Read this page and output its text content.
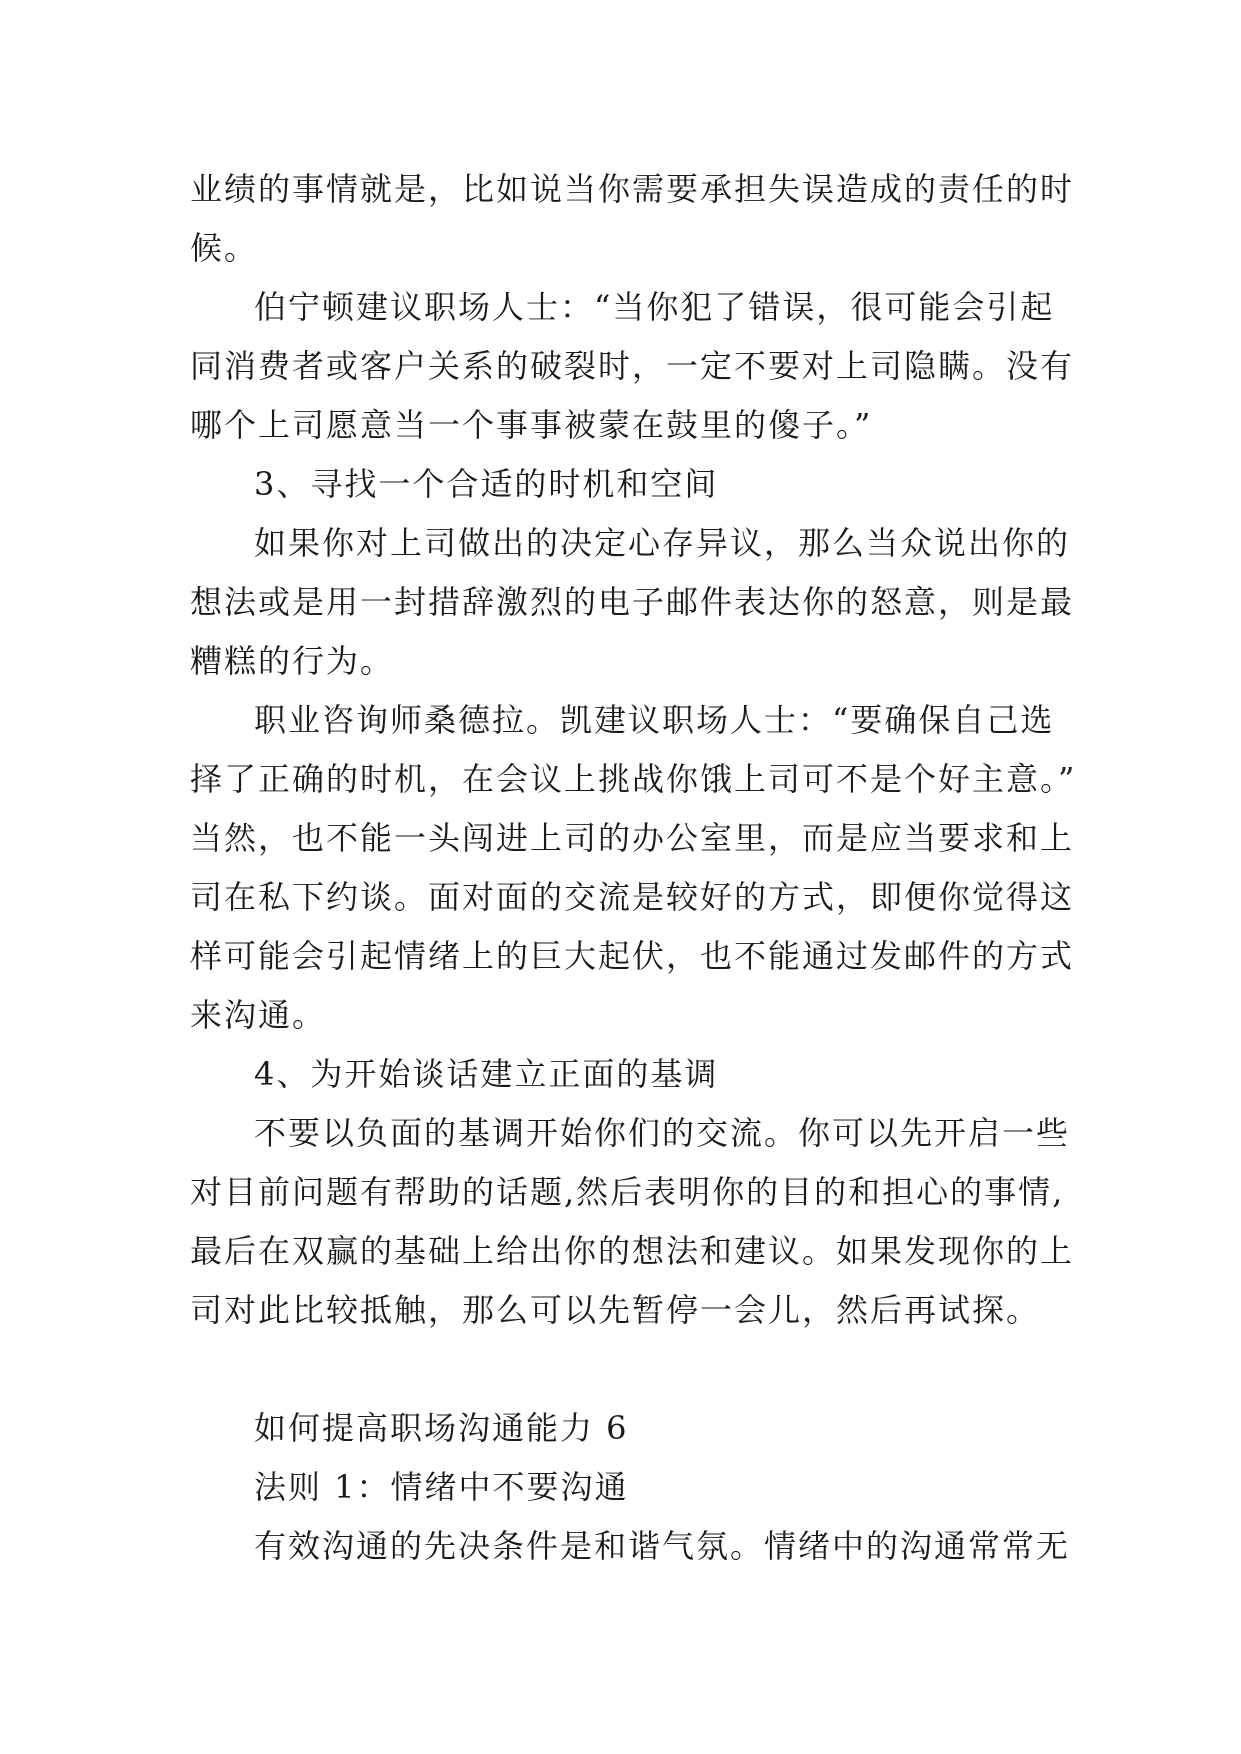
业绩的事情就是，比如说当你需要承担失误造成的责任的时
候。
伯宁顿建议职场人士：“当你犯了错误，很可能会引起
同消费者或客户关系的破裂时，一定不要对上司隐瞒。没有
哪个上司愿意当一个事事被蒙在鼓里的傻子。”
3、寻找一个合适的时机和空间
如果你对上司做出的决定心存异议，那么当众说出你的
想法或是用一封措辞激烈的电子邮件表达你的怒意，则是最
糟糕的行为。
职业咨询师桑德拉。凯建议职场人士：“要确保自己选
择了正确的时机，在会议上挑战你饿上司可不是个好主意。”
当然，也不能一头闯进上司的办公室里，而是应当要求和上
司在私下约谈。面对面的交流是较好的方式，即便你觉得这
样可能会引起情绪上的巨大起伏，也不能通过发邮件的方式
来沟通。
4、为开始谈话建立正面的基调
不要以负面的基调开始你们的交流。你可以先开启一些
对目前问题有帮助的话题,然后表明你的目的和担心的事情,
最后在双赢的基础上给出你的想法和建议。如果发现你的上
司对此比较抵触，那么可以先暂停一会儿，然后再试探。
如何提高职场沟通能力 6
法则 1：情绪中不要沟通
有效沟通的先决条件是和谐气氛。情绪中的沟通常常无
